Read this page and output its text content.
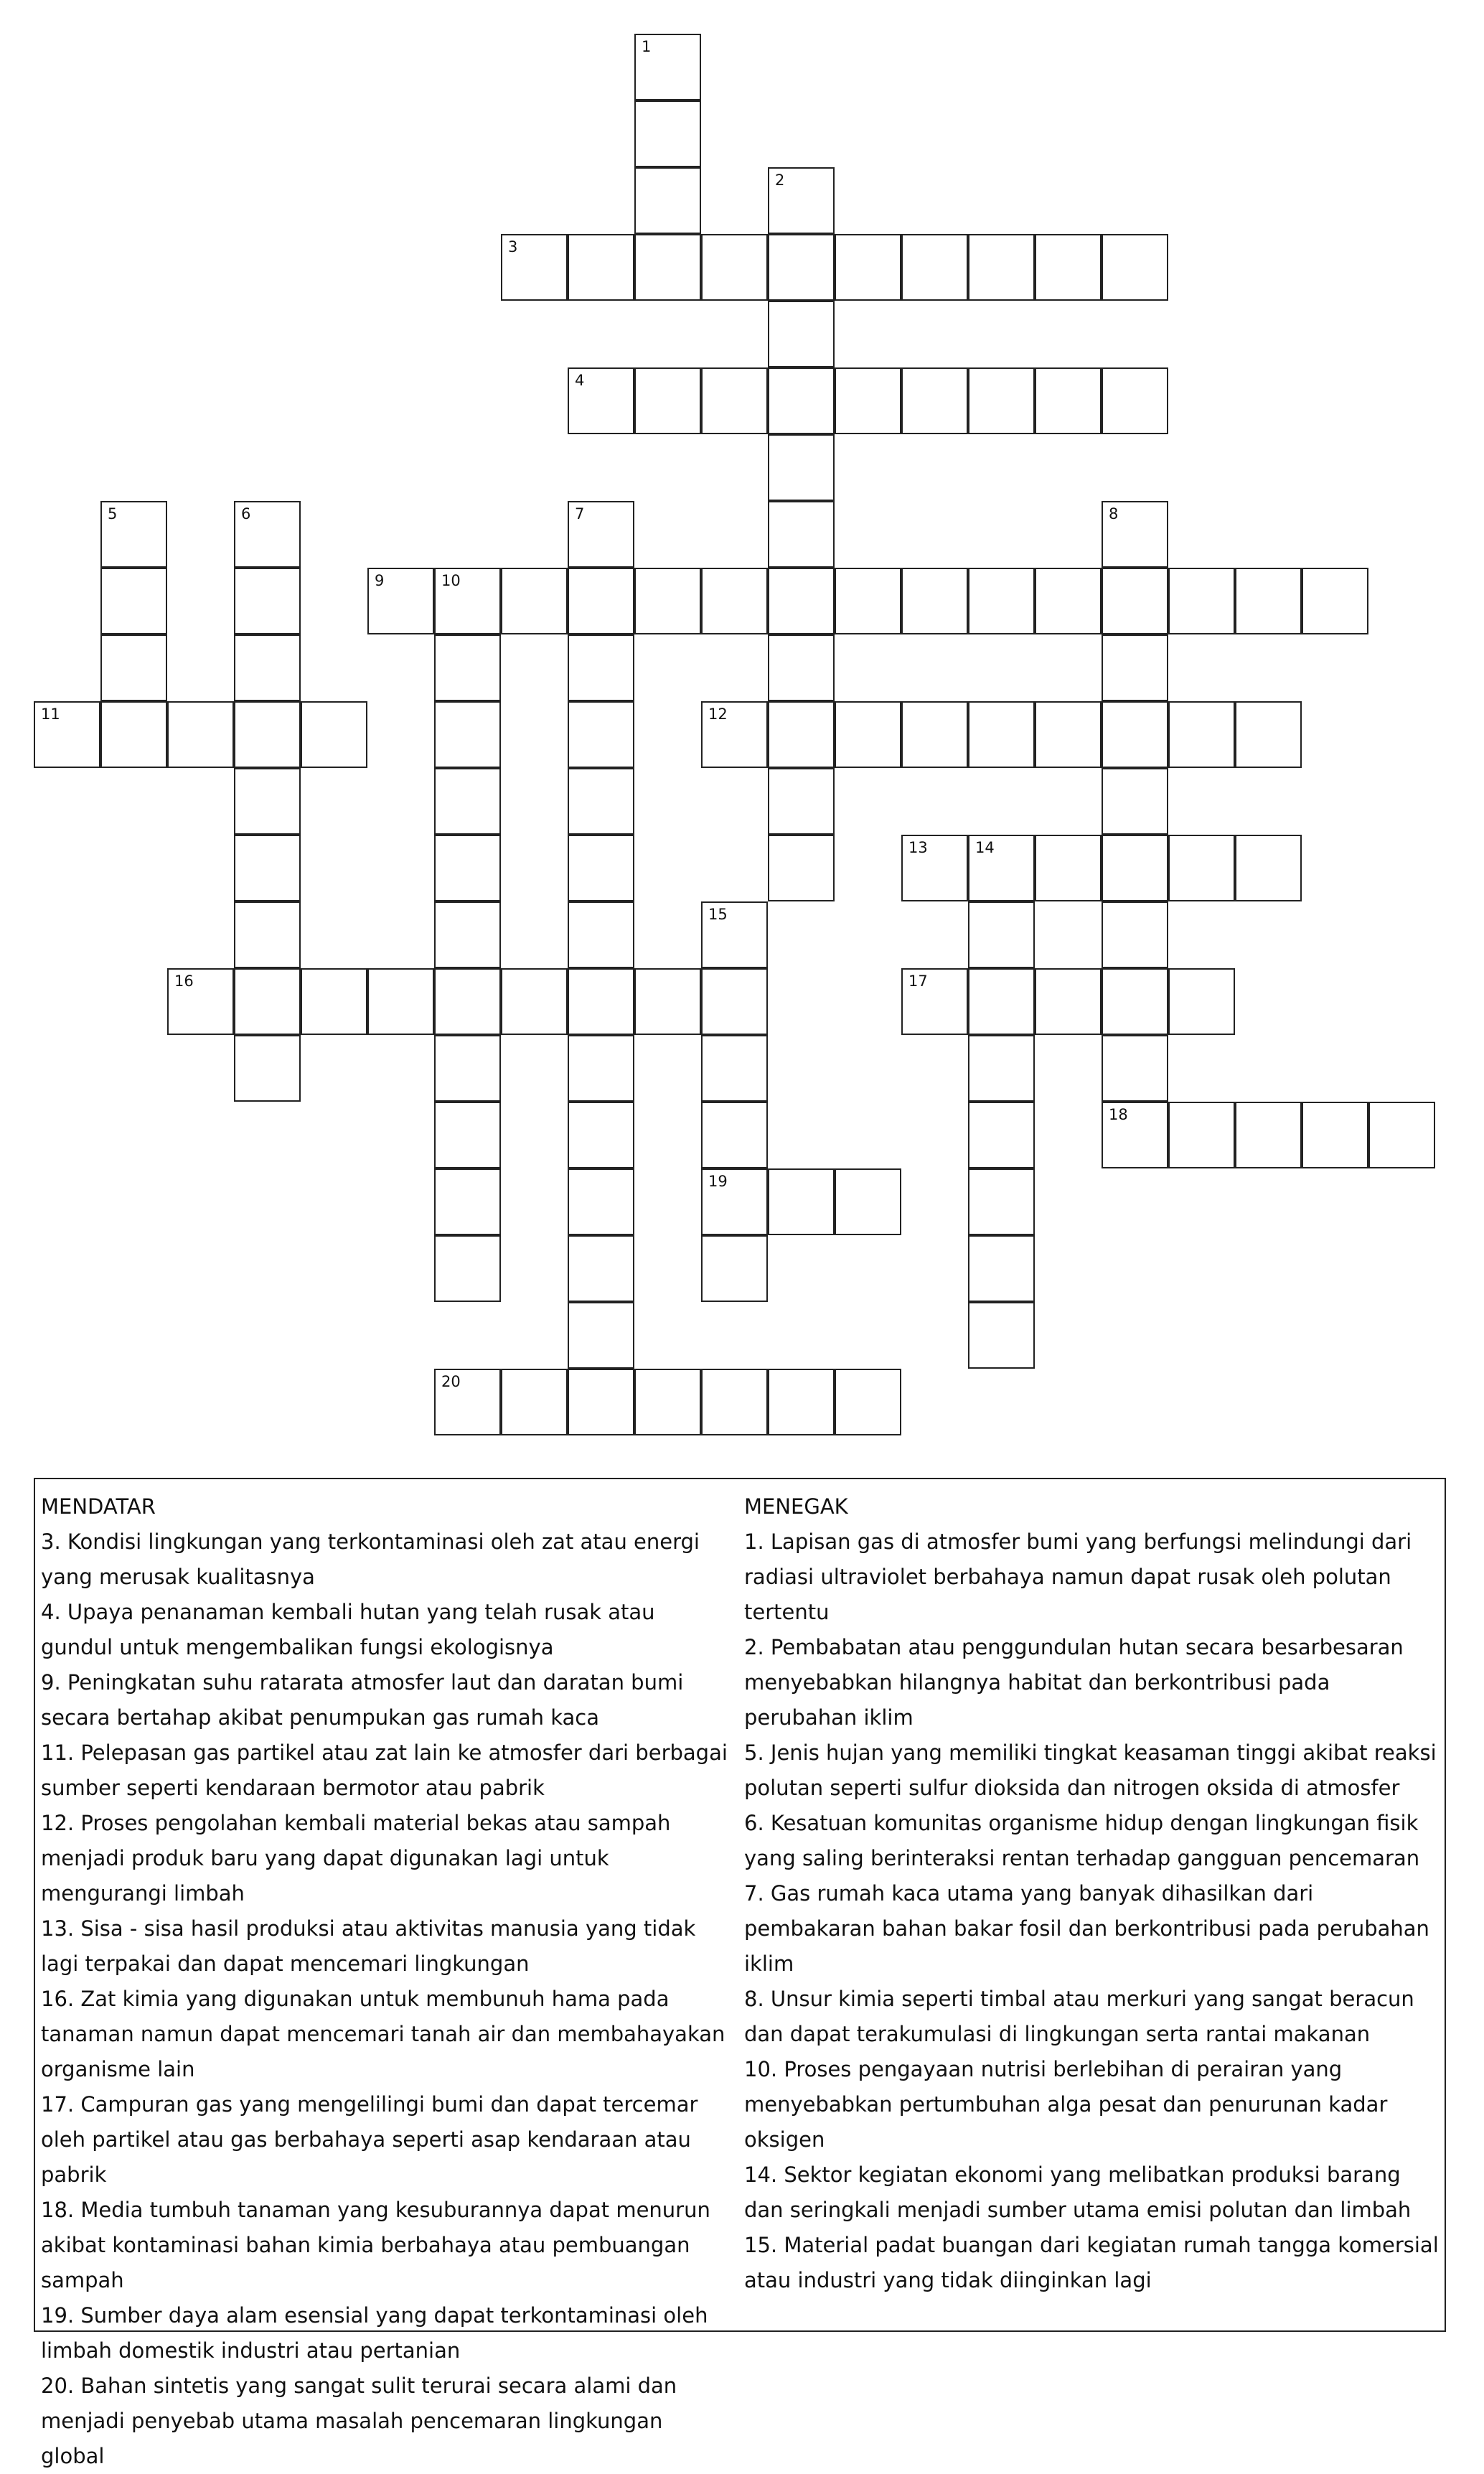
1
2
3
4
5	6	7	8
9	10
11	12
13	14
15
16	17
18
19
20
MENDATAR
3. Kondisi lingkungan yang terkontaminasi oleh zat atau energi yang merusak kualitasnya
4. Upaya penanaman kembali hutan yang telah rusak atau gundul untuk mengembalikan fungsi ekologisnya
9. Peningkatan suhu ratarata atmosfer laut dan daratan bumi secara bertahap akibat penumpukan gas rumah kaca
11. Pelepasan gas partikel atau zat lain ke atmosfer dari berbagai sumber seperti kendaraan bermotor atau pabrik
12. Proses pengolahan kembali material bekas atau sampah menjadi produk baru yang dapat digunakan lagi untuk mengurangi limbah
13. Sisa - sisa hasil produksi atau aktivitas manusia yang tidak lagi terpakai dan dapat mencemari lingkungan
16. Zat kimia yang digunakan untuk membunuh hama pada tanaman namun dapat mencemari tanah air dan membahayakan organisme lain
17. Campuran gas yang mengelilingi bumi dan dapat tercemar oleh partikel atau gas berbahaya seperti asap kendaraan atau pabrik
18. Media tumbuh tanaman yang kesuburannya dapat menurun akibat kontaminasi bahan kimia berbahaya atau pembuangan sampah
19. Sumber daya alam esensial yang dapat terkontaminasi oleh limbah domestik industri atau pertanian
20. Bahan sintetis yang sangat sulit terurai secara alami dan menjadi penyebab utama masalah pencemaran lingkungan global
MENEGAK
1. Lapisan gas di atmosfer bumi yang berfungsi melindungi dari radiasi ultraviolet berbahaya namun dapat rusak oleh polutan tertentu
2. Pembabatan atau penggundulan hutan secara besarbesaran menyebabkan hilangnya habitat dan berkontribusi pada perubahan iklim
5. Jenis hujan yang memiliki tingkat keasaman tinggi akibat reaksi polutan seperti sulfur dioksida dan nitrogen oksida di atmosfer
6. Kesatuan komunitas organisme hidup dengan lingkungan fisik yang saling berinteraksi rentan terhadap gangguan pencemaran
7. Gas rumah kaca utama yang banyak dihasilkan dari pembakaran bahan bakar fosil dan berkontribusi pada perubahan iklim
8. Unsur kimia seperti timbal atau merkuri yang sangat beracun dan dapat terakumulasi di lingkungan serta rantai makanan
10. Proses pengayaan nutrisi berlebihan di perairan yang menyebabkan pertumbuhan alga pesat dan penurunan kadar oksigen
14. Sektor kegiatan ekonomi yang melibatkan produksi barang dan seringkali menjadi sumber utama emisi polutan dan limbah
15. Material padat buangan dari kegiatan rumah tangga komersial atau industri yang tidak diinginkan lagi
